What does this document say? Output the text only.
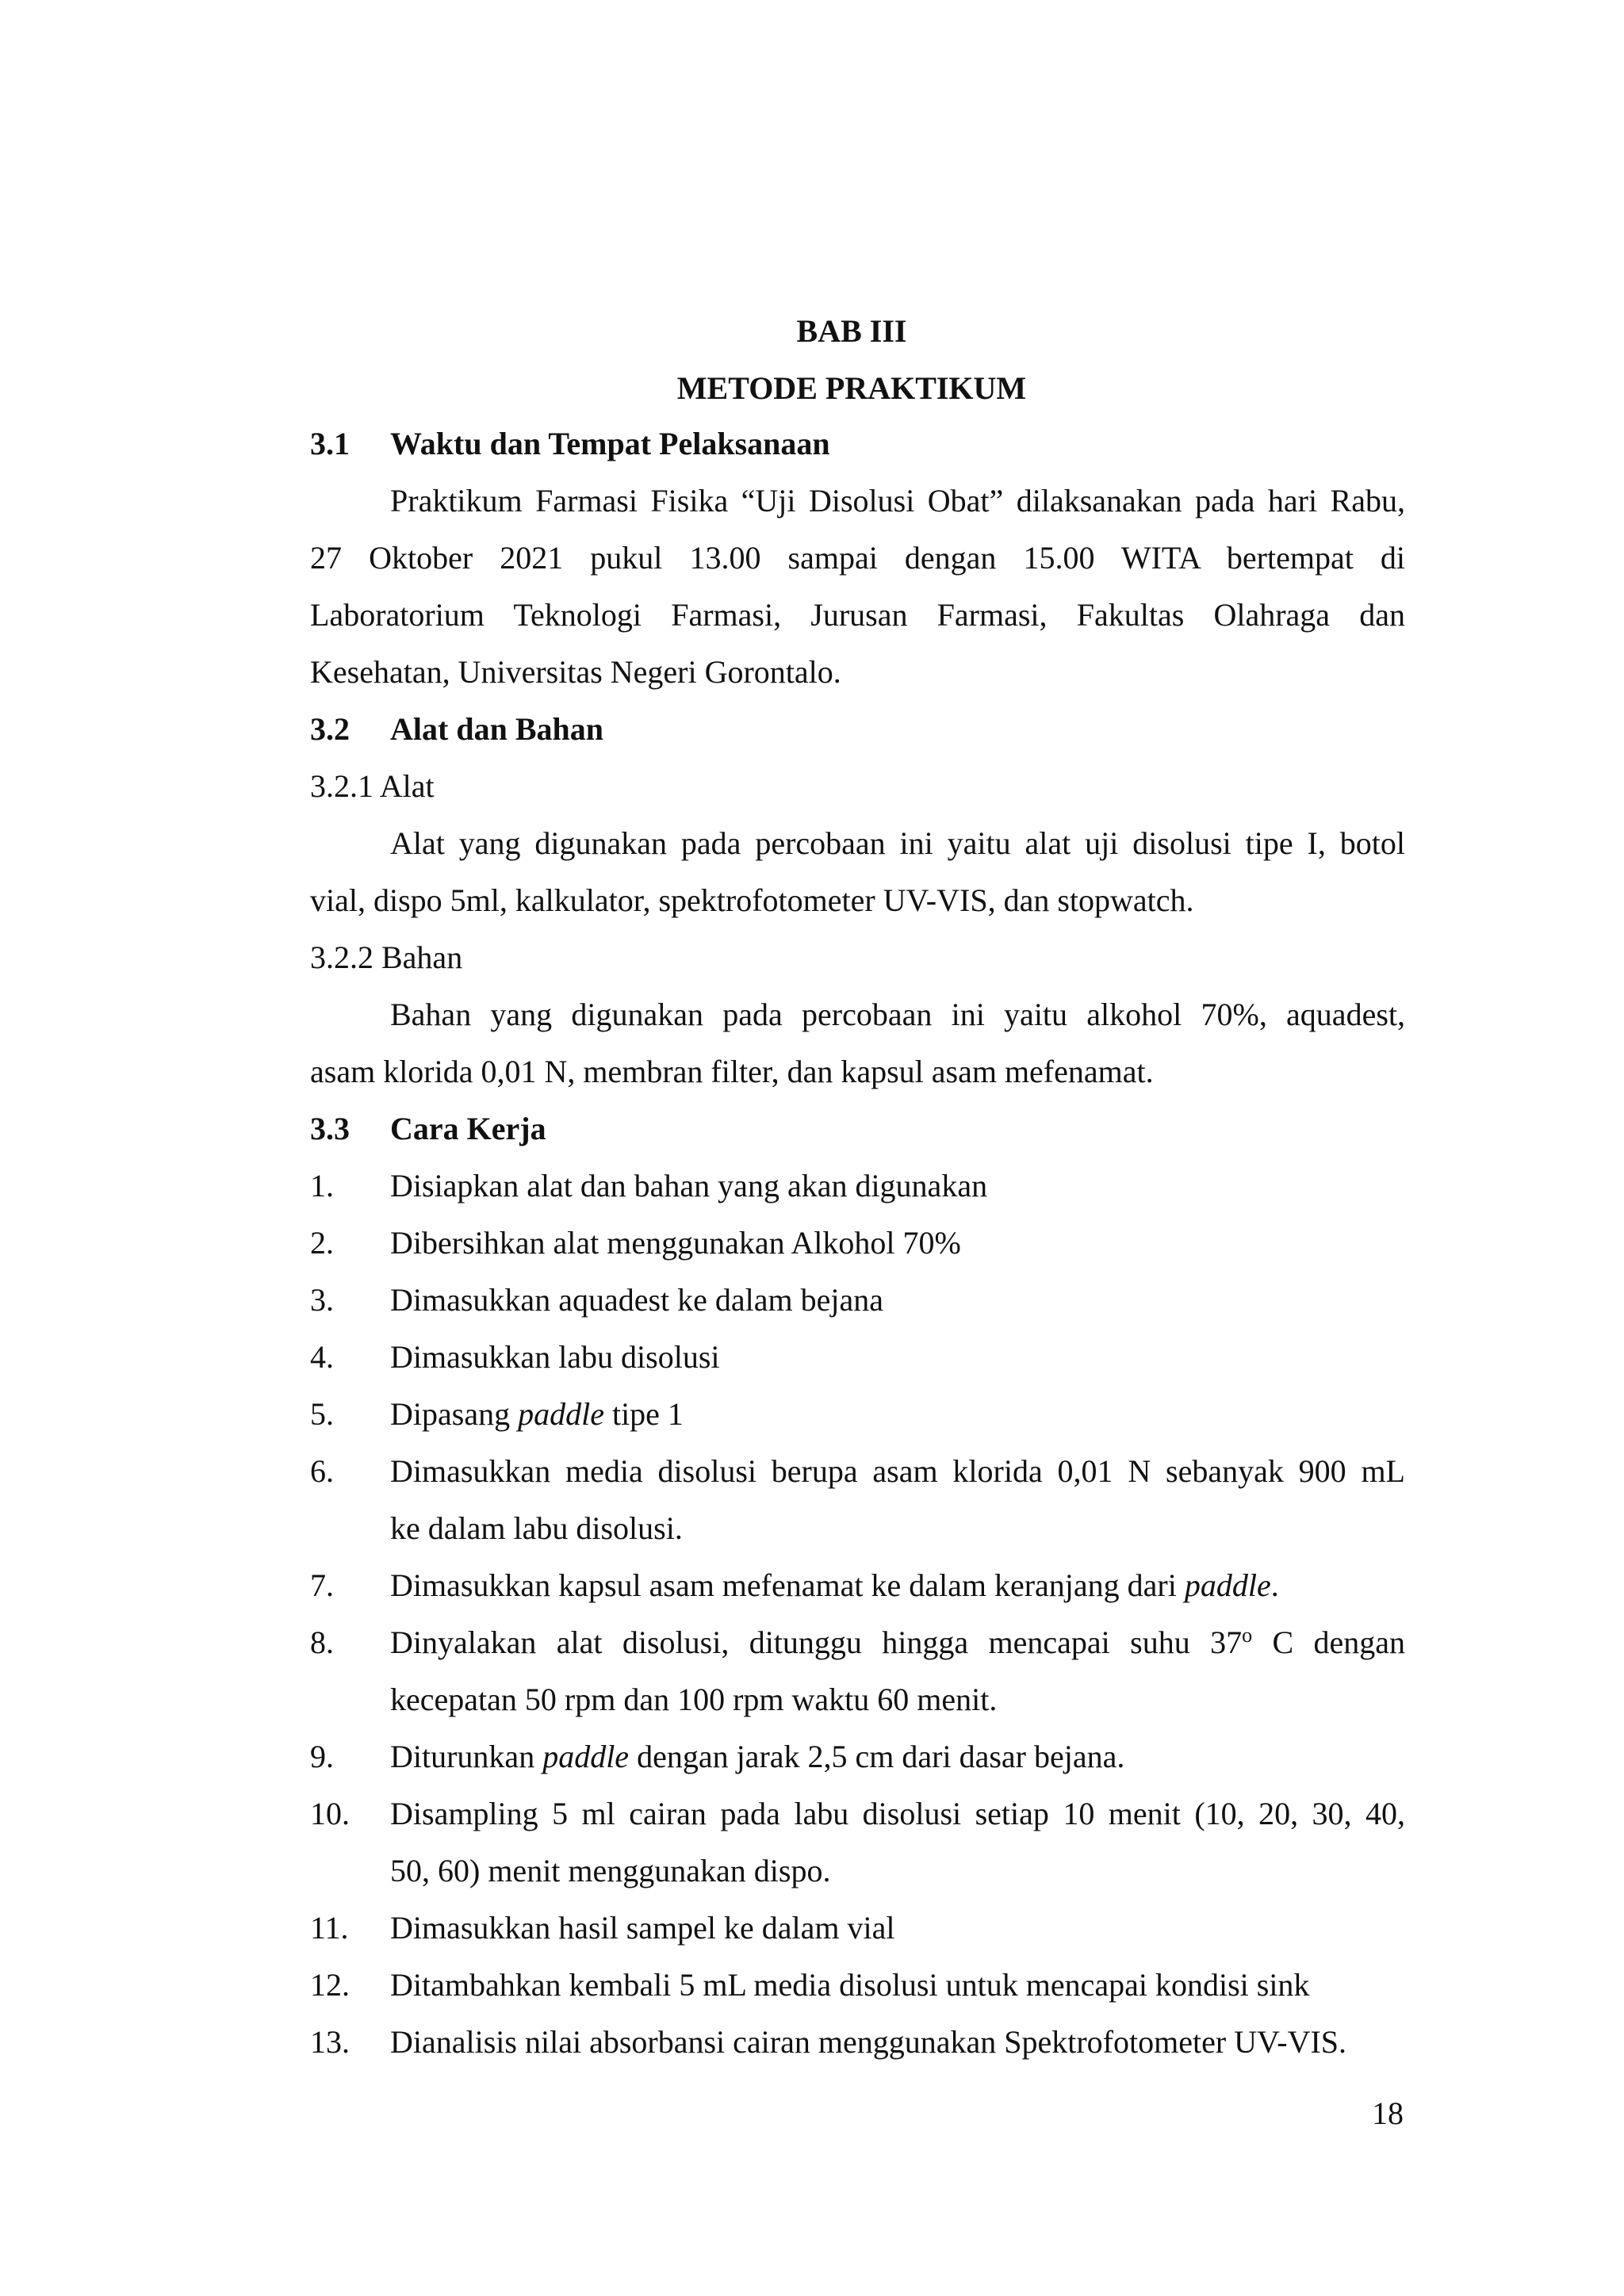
BAB III
METODE PRAKTIKUM
3.1 Waktu dan Tempat Pelaksanaan
Praktikum Farmasi Fisika “Uji Disolusi Obat” dilaksanakan pada hari Rabu,
27 Oktober 2021 pukul 13.00 sampai dengan 15.00 WITA bertempat di
Laboratorium Teknologi Farmasi, Jurusan Farmasi, Fakultas Olahraga dan
Kesehatan, Universitas Negeri Gorontalo.
3.2 Alat dan Bahan
3.2.1 Alat
Alat yang digunakan pada percobaan ini yaitu alat uji disolusi tipe I, botol
vial, dispo 5ml, kalkulator, spektrofotometer UV-VIS, dan stopwatch.
3.2.2 Bahan
Bahan yang digunakan pada percobaan ini yaitu alkohol 70%, aquadest,
asam klorida 0,01 N, membran filter, dan kapsul asam mefenamat.
3.3 Cara Kerja
1. Disiapkan alat dan bahan yang akan digunakan
2. Dibersihkan alat menggunakan Alkohol 70%
3. Dimasukkan aquadest ke dalam bejana
4. Dimasukkan labu disolusi
5. Dipasang paddle tipe 1
6. Dimasukkan media disolusi berupa asam klorida 0,01 N sebanyak 900 mL
ke dalam labu disolusi.
7. Dimasukkan kapsul asam mefenamat ke dalam keranjang dari paddle.
8. Dinyalakan alat disolusi, ditunggu hingga mencapai suhu 37$^o$ C dengan
kecepatan 50 rpm dan 100 rpm waktu 60 menit.
9. Diturunkan paddle dengan jarak 2,5 cm dari dasar bejana.
10. Disampling 5 ml cairan pada labu disolusi setiap 10 menit (10, 20, 30, 40,
50, 60) menit menggunakan dispo.
11. Dimasukkan hasil sampel ke dalam vial
12. Ditambahkan kembali 5 mL media disolusi untuk mencapai kondisi sink
13. Dianalisis nilai absorbansi cairan menggunakan Spektrofotometer UV-VIS.
18
